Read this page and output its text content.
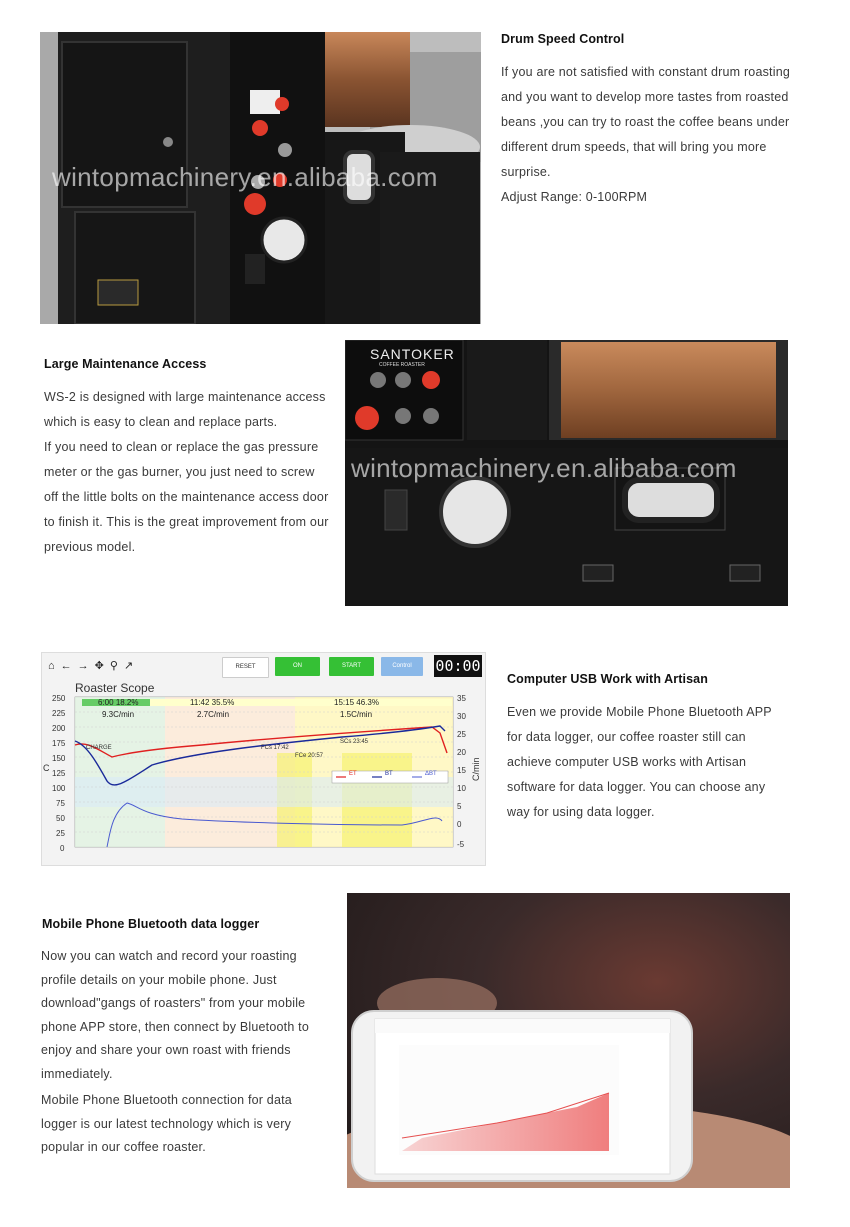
wintopmachinery.en.alibaba.com
Drum Speed Control

If you are not satisfied with constant drum roasting and you want to develop more tastes from roasted beans ,you can try to roast the coffee beans under different drum speeds, that will bring you more surprise.

Adjust Range: 0-100RPM

Large Maintenance Access

WS-2 is designed with large maintenance access which is easy to clean and replace parts.

If you need to clean or replace the gas pressure meter or the gas burner, you just need to screw off the little bolts on the maintenance access door to finish it. This is the great improvement from our previous model.

SANTOKER
COFFEE ROASTER
wintopmachinery.en.alibaba.com
⌂←→✥⚲↗	RESET	ON	START	Control	00:00
Roaster Scope
250
225
200
175
150
125
100
75
50
25
0
35
30
25
20
15
10
5
0
-5
C	C/min
6:00 18.2%
9.3C/min
11:42 35.5%
2.7C/min
15:15 46.3%
1.5C/min
CHARGE	FCs 17:42
FCe 20:57
SCs 23:45
ET	BT	ΔBT
Computer USB Work with Artisan

Even we provide Mobile Phone Bluetooth APP for data logger, our coffee roaster still can achieve computer USB works with Artisan software for data logger. You can choose any way for using data logger.

Mobile Phone Bluetooth data logger

Now you can watch and record your roasting profile details on your mobile phone. Just download"gangs of roasters" from your mobile phone APP store, then connect by Bluetooth to enjoy and share your own roast with friends immediately.

Mobile Phone Bluetooth connection for data logger is our latest technology which is very popular in our coffee roaster.
